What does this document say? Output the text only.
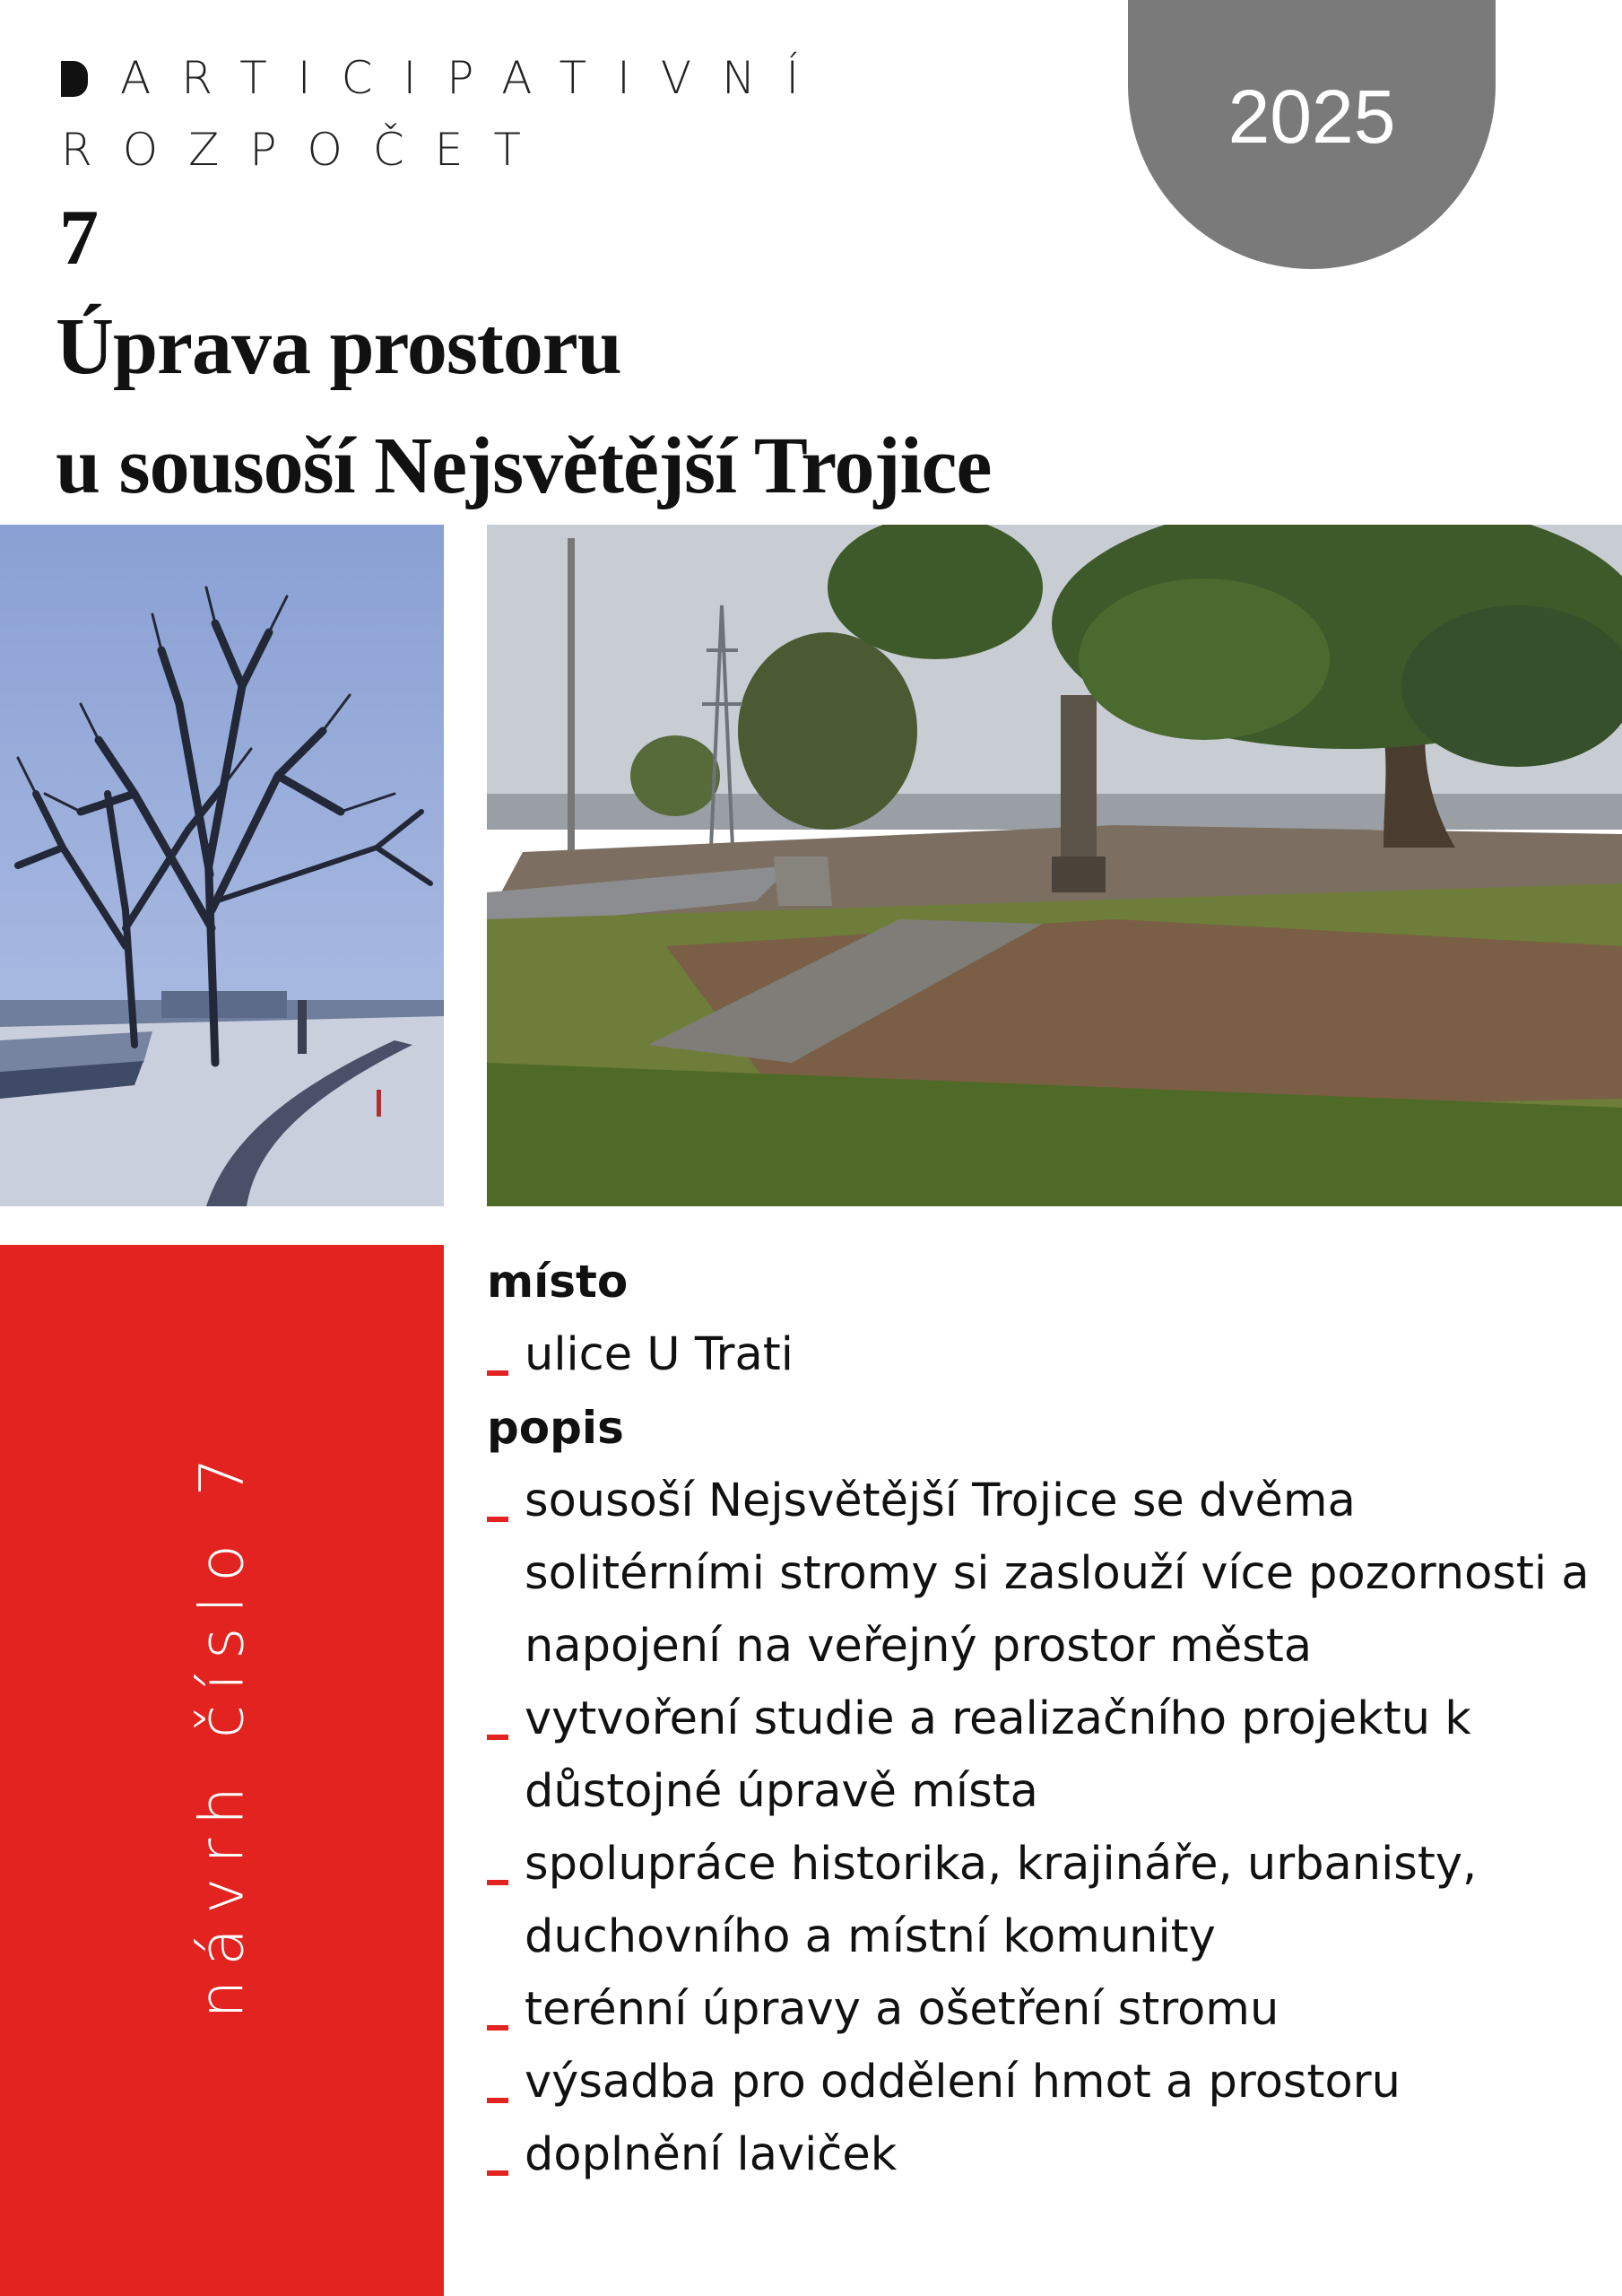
ARTICIPATIVNÍ
ROZPOČET	2025
7
Úprava prostoru
u sousoší Nejsvětější Trojice
návrh číslo 7
místo
ulice U Trati
popis
sousoší Nejsvětější Trojice se dvěma solitérními stromy si zaslouží více pozornosti a napojení na veřejný prostor města
vytvoření studie a realizačního projektu k důstojné úpravě místa
spolupráce historika, krajináře, urbanisty, duchovního a místní komunity
terénní úpravy a ošetření stromu
výsadba pro oddělení hmot a prostoru
doplnění laviček
